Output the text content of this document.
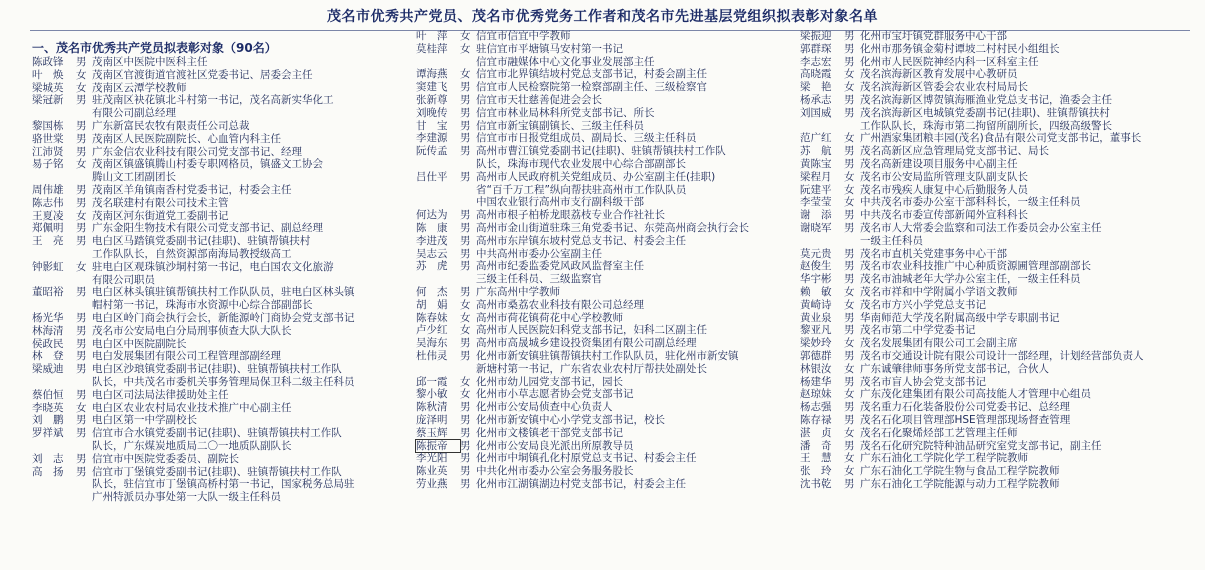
茂名市优秀共产党员、茂名市优秀党务工作者和茂名市先进基层党组织拟表彰对象名单
一、茂名市优秀共产党员拟表彰对象（90名）
陈政锋 男 茂南区中医院中医科主任
叶　焕 女 茂南区官渡街道官渡社区党委书记、居委会主任
梁城英 女 茂南区云潭学校教师
梁冠新 男 驻茂南区袂花镇北斗村第一书记，茂名高新实华化工
有限公司副总经理
黎国栋 男 广东新富民农牧有限责任公司总裁
骆世棠 男 茂南区人民医院副院长、心血管内科主任
江沛贤 男 广东金信农业科技有限公司党支部书记、经理
易子铭 女 茂南区镇盛镇腾山村委专职网格员，镇盛文工协会
腾山文工团副团长
周伟雄 男 茂南区羊角镇南香村党委书记，村委会主任
陈志伟 男 茂名联建村有限公司技术主管
王夏凌 女 茂南区河东街道党工委副书记
郑佩明 男 广东金阳生物技术有限公司党支部书记、副总经理
王　亮 男 电白区马踏镇党委副书记(挂职)、驻镇帮镇扶村
工作队队长，自然资源部南海局教授级高工
钟影虹 女 驻电白区观珠镇沙垌村第一书记，电白国农文化旅游
有限公司职员
董昭裕 男 电白区林头镇驻镇帮镇扶村工作队队员，驻电白区林头镇
帽村第一书记，珠海市水资源中心综合部副部长
杨光华 男 电白区岭门商会执行会长，新能源岭门商协会党支部书记
林海清 男 茂名市公安局电白分局刑事侦查大队大队长
侯政民 男 电白区中医院副院长
林　登 男 电白发展集团有限公司工程管理部副经理
梁威迪 男 电白区沙琅镇党委副书记(挂职)、驻镇帮镇扶村工作队
队长，中共茂名市委机关事务管理局保卫科二级主任科员
蔡伯恒 男 电白区司法局法律援助处主任
李晓英 女 电白区农业农村局农业技术推广中心副主任
刘　鹏 男 电白区第一中学副校长
罗祥斌 男 信宜市合水镇党委副书记(挂职)、驻镇帮镇扶村工作队
队长，广东煤炭地质局二〇一地质队副队长
刘　志 男 信宜市中医院党委委员、副院长
高　扬 男 信宜市丁堡镇党委副书记(挂职)、驻镇帮镇扶村工作队
队长，驻信宜市丁堡镇高桥村第一书记，国家税务总局驻
广州特派员办事处第一大队一级主任科员
叶　萍 女 信宜市信宜中学教师
莫桂萍 女 驻信宜市平塘镇马安村第一书记
信宜市融媒体中心文化事业发展部主任
谭海燕 女 信宜市北界镇结坡村党总支部书记，村委会副主任
窦建飞 男 信宜市人民检察院第一检察部副主任、三级检察官
张新尊 男 信宜市天壮慈善促进会会长
刘晚传 男 信宜市林业局林科所党支部书记、所长
甘　宝 男 信宜市新宝镇副镇长、三级主任科员
李建源 男 信宜市市日报党组成员、副局长、三级主任科员
阮传孟 男 高州市曹江镇党委副书记(挂职)、驻镇帮镇扶村工作队
队长，珠海市现代农业发展中心综合部副部长
吕仕平 男 高州市人民政府机关党组成员、办公室副主任(挂职)
省“百千万工程”纵向帮扶驻高州市工作队队员
中国农业银行高州市支行副科级干部
何达为 男 高州市根子柏桥龙眼荔枝专业合作社社长
陈　康 男 高州市金山街道驻珠三角党委书记、东莞高州商会执行会长
李进茂 男 高州市东岸镇东坡村党总支书记、村委会主任
吴志云 男 中共高州市委办公室副主任
苏　虎 男 高州市纪委监委党风政风监督室主任
三级主任科员、三级监察官
何　杰 男 广东高州中学教师
胡　娟 女 高州市桑荔农业科技有限公司总经理
陈春妹 女 高州市荷花镇荷花中心学校教师
卢少红 女 高州市人民医院妇科党支部书记，妇科二区副主任
吴海东 男 高州市高晟城乡建设投资集团有限公司副总经理
杜伟灵 男 化州市新安镇驻镇帮镇扶村工作队队员，驻化州市新安镇
新塘村第一书记，广东省农业农村厅帮扶处副处长
邱一霞 女 化州市幼儿园党支部书记，园长
黎小敏 女 化州市小草志愿者协会党支部书记
陈秋清 男 化州市公安局侦查中心负责人
庞泽明 男 化州市新安镇中心小学党支部书记，校长
蔡玉辉 男 化州市文楼镇老干部党支部书记
陈振帝 男 化州市公安局良光派出所原教导员
李光阳 男 化州市中垌镇孔化村原党总支书记、村委会主任
陈业英 男 中共化州市委办公室会务服务股长
劳业燕 男 化州市江湖镇湖边村党支部书记，村委会主任
梁振迎 男 化州市宝圩镇党群服务中心干部
郭群琛 男 化州市那务镇金菊村谭坡二村村民小组组长
李志宏 男 化州市人民医院神经内科一区科室主任
高晓霞 女 茂名滨海新区教育发展中心教研员
梁　艳 女 茂名滨海新区管委会农业农村局局长
杨承志 男 茂名滨海新区博贺镇海雁渔业党总支书记，渔委会主任
刘国威 男 茂名滨海新区电城镇党委副书记(挂职)、驻镇帮镇扶村
工作队队长，珠海市第二拘留所副所长，四级高级警长
范广红 女 广州酒家集团粮丰园(茂名)食品有限公司党支部书记，董事长
苏　航 男 茂名高新区应急管理局党支部书记、局长
黄陈宝 男 茂名高新建设项目服务中心副主任
梁程月 女 茂名市公安局监所管理支队副支队长
阮建平 女 茂名市残疾人康复中心后勤服务人员
李莹莹 女 中共茂名市委办公室干部科科长，一级主任科员
谢　添 男 中共茂名市委宣传部新闻外宣科科长
谢晓军 男 茂名市人大常委会监察和司法工作委员会办公室主任
一级主任科员
莫元贵 男 茂名市直机关党建事务中心干部
赵俊生 男 茂名市农业科技推广中心种质资源圃管理部副部长
华宇彬 男 茂名市油城老年大学办公室主任，一级主任科员
赖　敏 女 茂名市祥和中学附属小学语文教师
黄崎诗 女 茂名市方兴小学党总支书记
黄业泉 男 华南师范大学茂名附属高级中学专职副书记
黎亚凡 男 茂名市第二中学党委书记
梁妙玲 女 茂名发展集团有限公司工会副主席
郭德群 男 茂名市交通设计院有限公司设计一部经理，计划经营部负责人
林银汝 女 广东诚肇律师事务所党支部书记，合伙人
杨建华 男 茂名市盲人协会党支部书记
赵琼妹 女 广东茂化建集团有限公司高技能人才管理中心组员
杨志强 男 茂名重力石化装备股份公司党委书记、总经理
陈存禄 男 茂名石化项目管理部HSE管理部现场督查管理
湛　贞 女 茂名石化聚烯烃部工艺管理主任师
潘　奇 男 茂名石化研究院特种油品研究室党支部书记，副主任
王　慧 女 广东石油化工学院化学工程学院教师
张　玲 女 广东石油化工学院生物与食品工程学院教师
沈书乾 男 广东石油化工学院能源与动力工程学院教师
